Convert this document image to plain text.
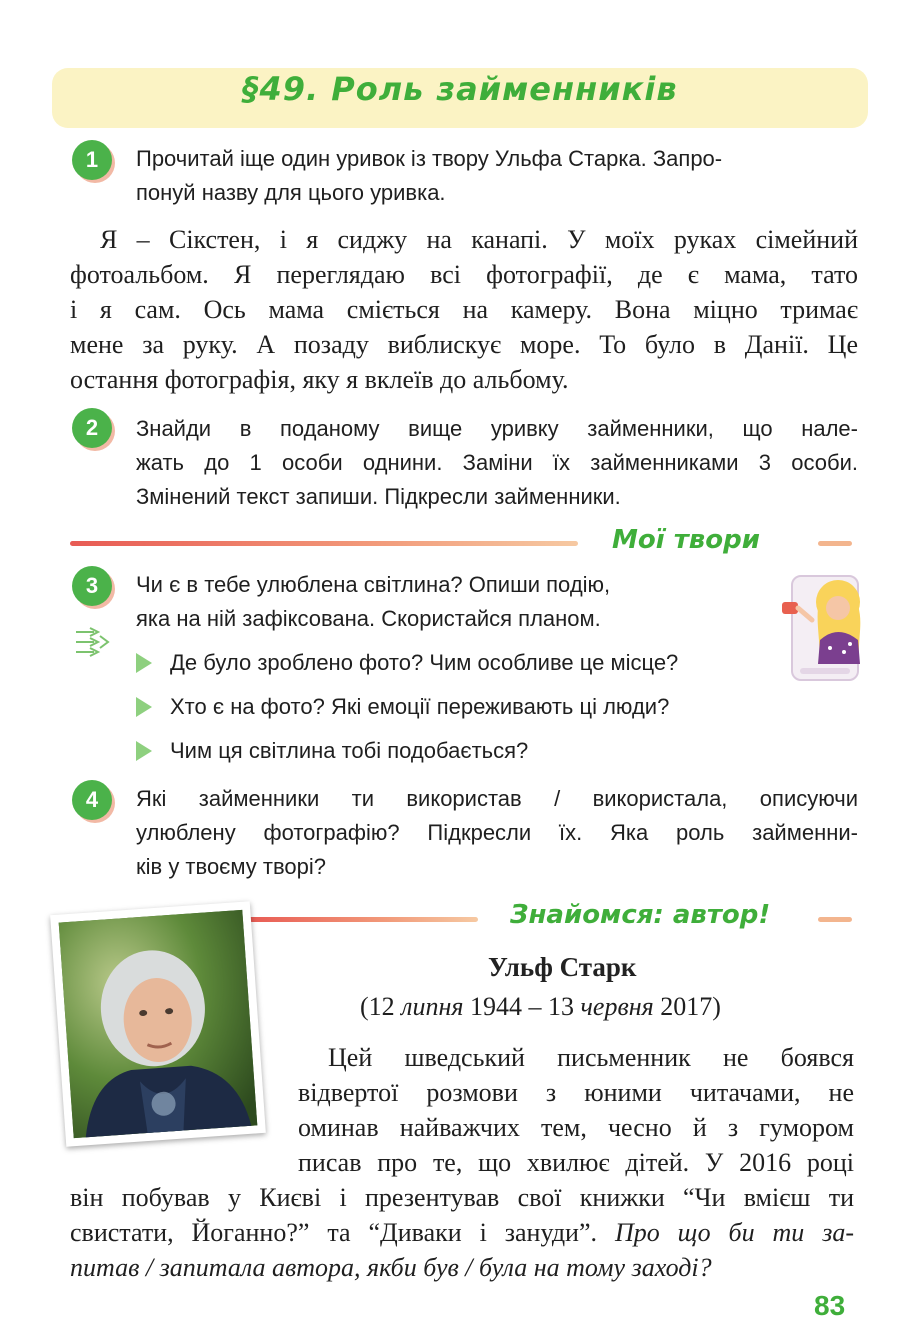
§49. Роль займенників
1	Прочитай іще один уривок із твору Ульфа Старка. Запро-
понуй назву для цього уривка.
Я – Сікстен, і я сиджу на канапі. У моїх руках сімейний
фотоальбом. Я переглядаю всі фотографії, де є мама, тато
і я сам. Ось мама сміється на камеру. Вона міцно тримає
мене за руку. А позаду виблискує море. То було в Данії. Це
остання фотографія, яку я вклеїв до альбому.
2	Знайди в поданому вище уривку займенники, що нале-
жать до 1 особи однини. Заміни їх займенниками 3 особи.
Змінений текст запиши. Підкресли займенники.
Мої твори
3	Чи є в тебе улюблена світлина? Опиши подію,
яка на ній зафіксована. Скористайся планом.
Де було зроблено фото? Чим особливе це місце?
Хто є на фото? Які емоції переживають ці люди?
Чим ця світлина тобі подобається?
4	Які займенники ти використав / використала, описуючи
улюблену фотографію? Підкресли їх. Яка роль займенни-
ків у твоєму творі?
Знайомся: автор!
Ульф Старк
(12 липня 1944 – 13 червня 2017)
Цей шведський письменник не боявся
відвертої розмови з юними читачами, не
оминав найважчих тем, чесно й з гумором
писав про те, що хвилює дітей. У 2016 році
він побував у Києві і презентував свої книжки “Чи вмієш ти
свистати, Йоганно?” та “Диваки і зануди”. Про що би ти за-
питав / запитала автора, якби був / була на тому заході?
83
